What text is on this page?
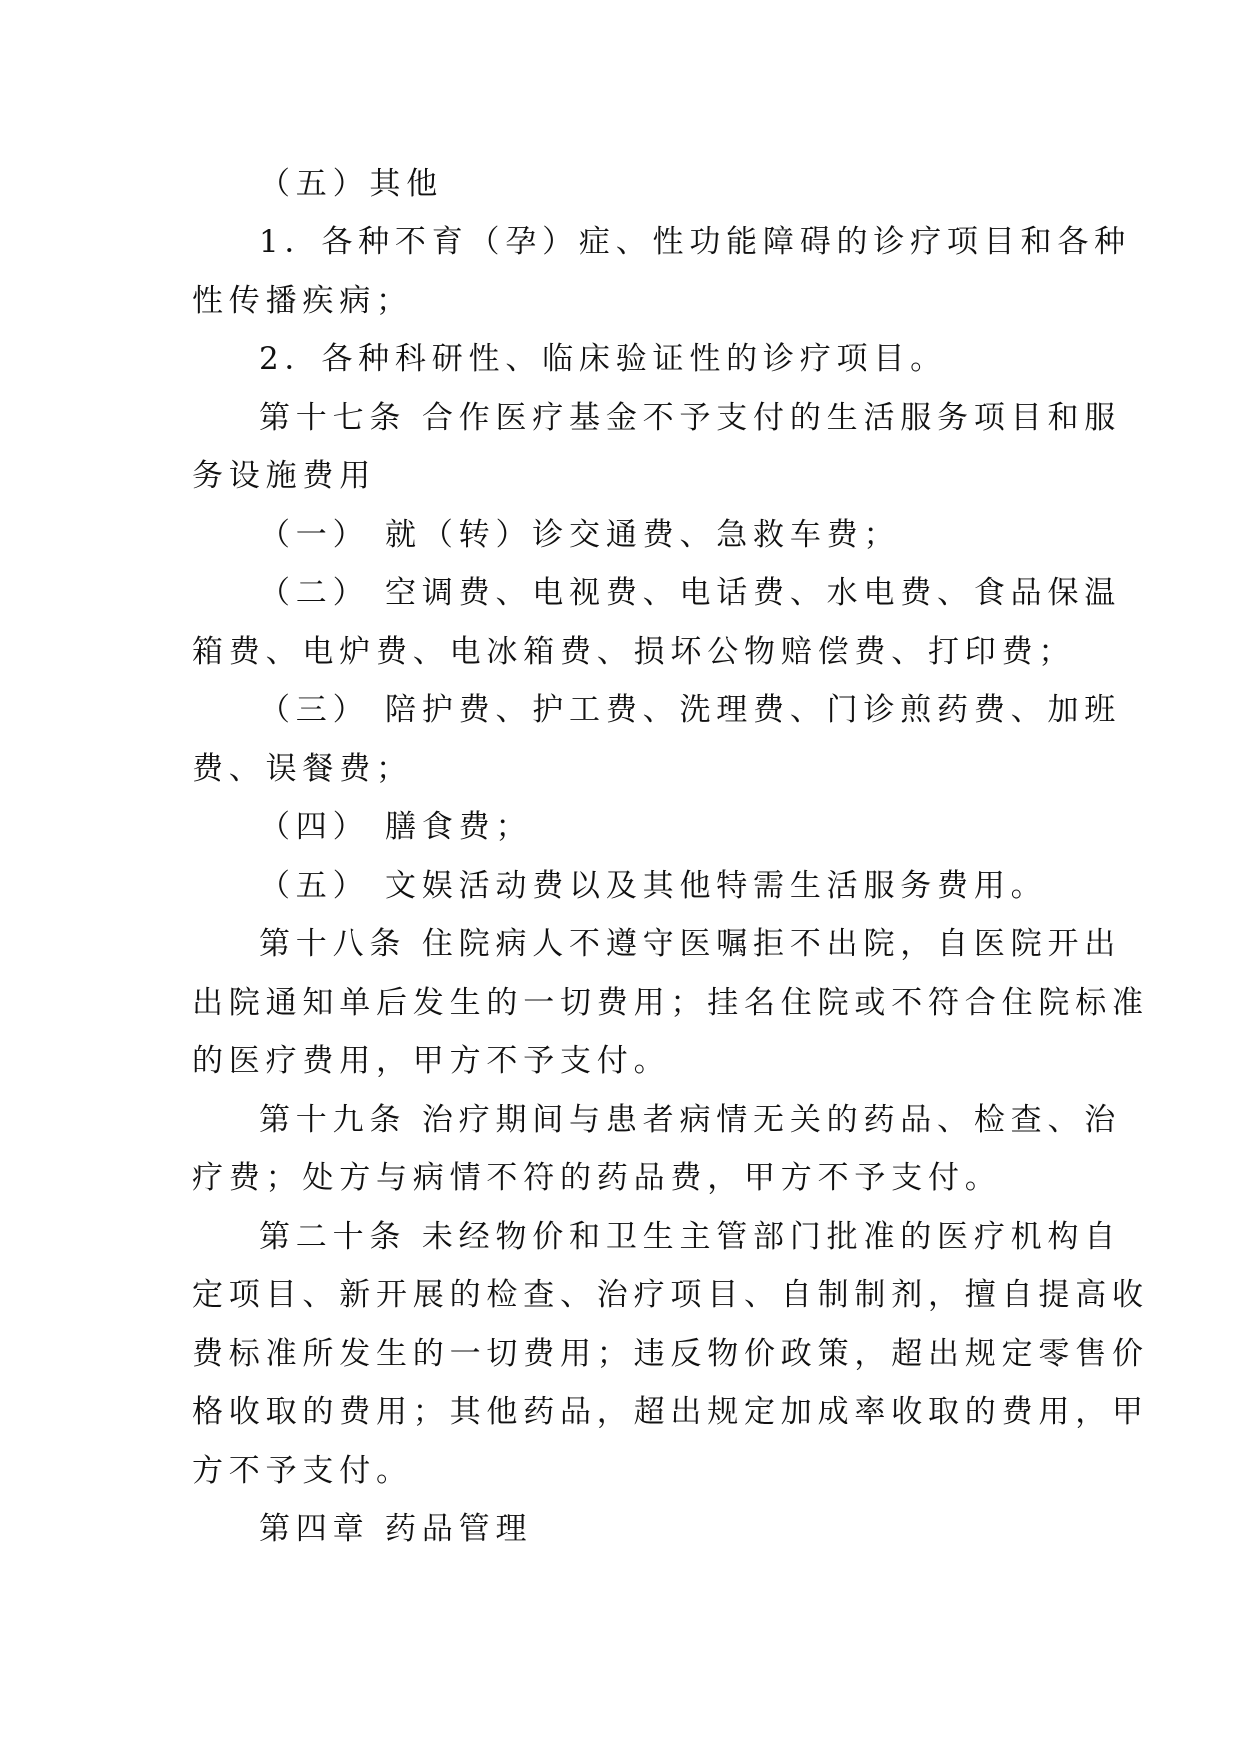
（五）其他
1．各种不育（孕）症、性功能障碍的诊疗项目和各种
性传播疾病；
2．各种科研性、临床验证性的诊疗项目。
第十七条 合作医疗基金不予支付的生活服务项目和服
务设施费用
（一） 就（转）诊交通费、急救车费；
（二） 空调费、电视费、电话费、水电费、食品保温
箱费、电炉费、电冰箱费、损坏公物赔偿费、打印费；
（三） 陪护费、护工费、洗理费、门诊煎药费、加班
费、误餐费；
（四） 膳食费；
（五） 文娱活动费以及其他特需生活服务费用。
第十八条 住院病人不遵守医嘱拒不出院，自医院开出
出院通知单后发生的一切费用；挂名住院或不符合住院标准
的医疗费用，甲方不予支付。
第十九条 治疗期间与患者病情无关的药品、检查、治
疗费；处方与病情不符的药品费，甲方不予支付。
第二十条 未经物价和卫生主管部门批准的医疗机构自
定项目、新开展的检查、治疗项目、自制制剂，擅自提高收
费标准所发生的一切费用；违反物价政策，超出规定零售价
格收取的费用；其他药品，超出规定加成率收取的费用，甲
方不予支付。
第四章 药品管理
